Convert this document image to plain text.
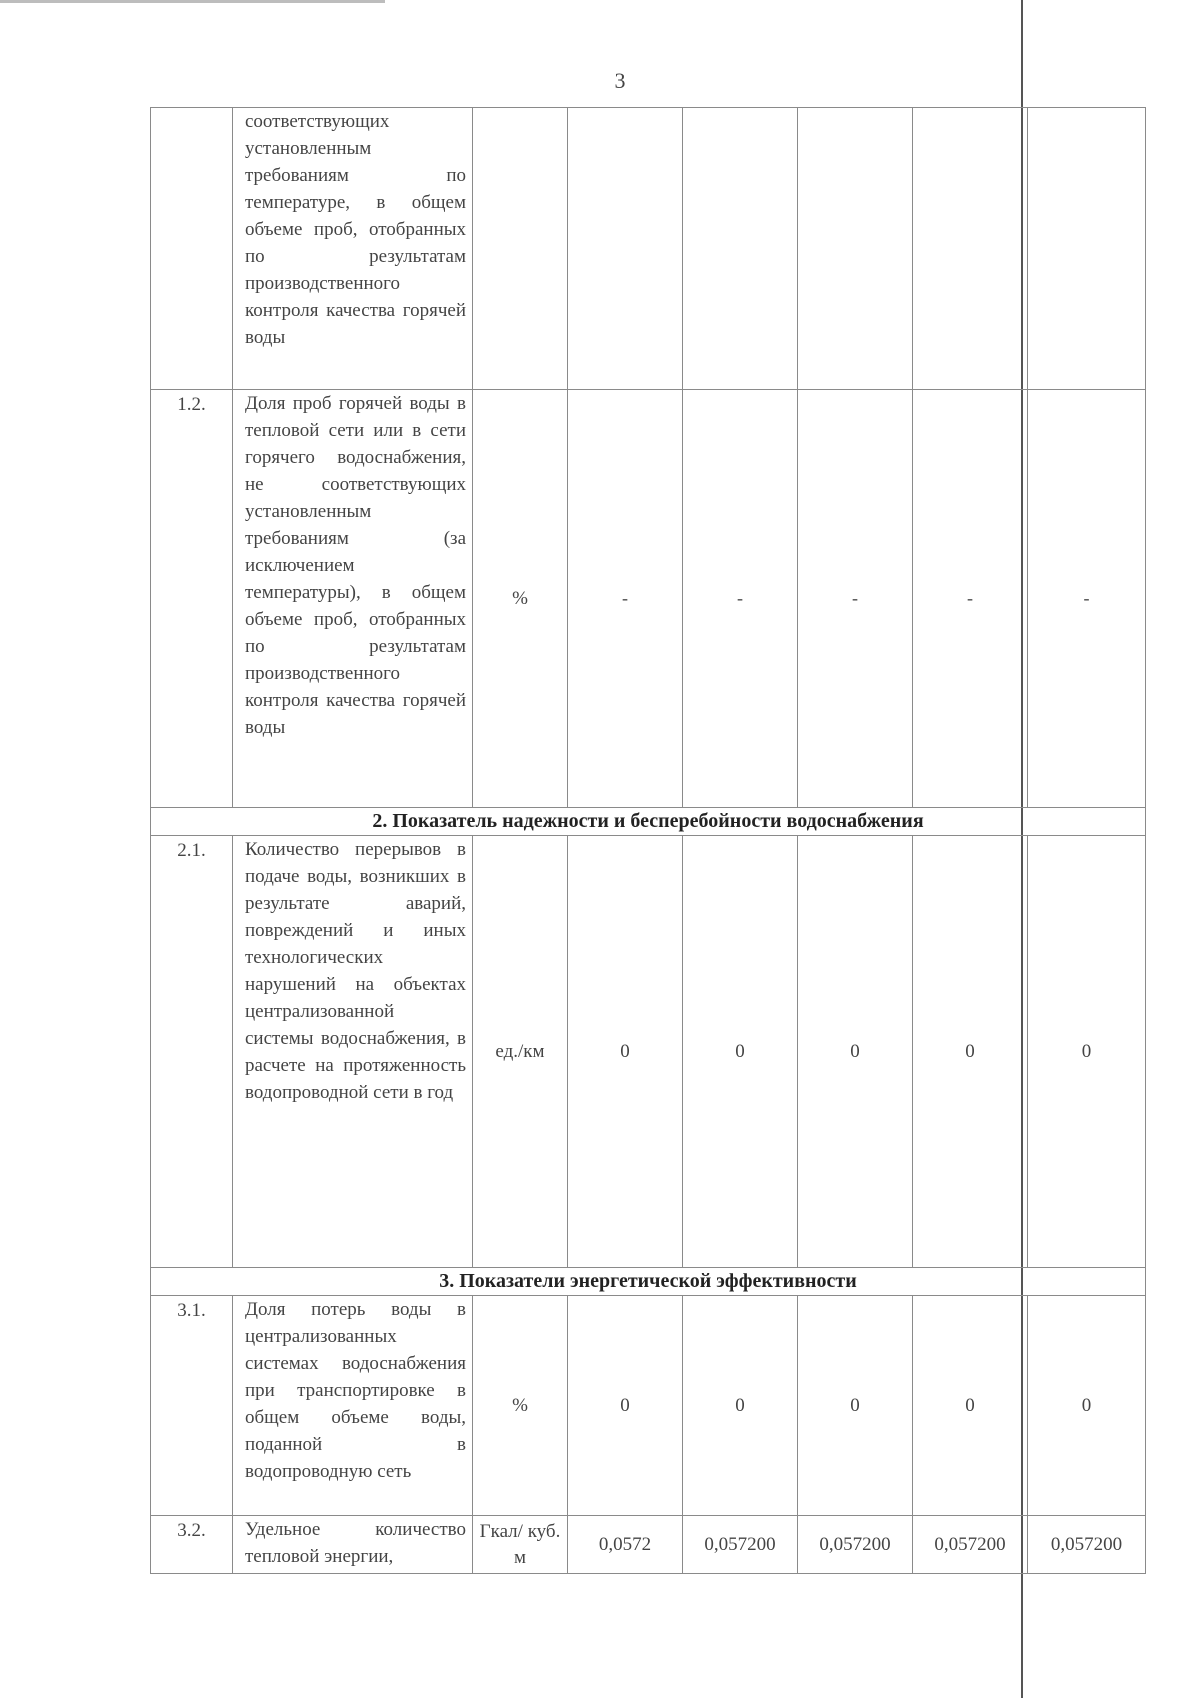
3
	соответствующих установленным требованиям по температуре, в общем объеме проб, отобранных по результатам производственного контроля качества горячей воды						
1.2.	Доля проб горячей воды в тепловой сети или в сети горячего водоснабжения, не соответствующих установленным требованиям (за исключением температуры), в общем объеме проб, отобранных по результатам производственного контроля качества горячей воды	%	-	-	-	-	-
2. Показатель надежности и бесперебойности водоснабжения							
2.1.	Количество перерывов в подаче воды, возникших в результате аварий, повреждений и иных технологических нарушений на объектах централизованной системы водоснабжения, в расчете на протяженность водопроводной сети в год	ед./км	0	0	0	0	0
3. Показатели энергетической эффективности							
3.1.	Доля потерь воды в централизованных системах водоснабжения при транспортировке в общем объеме воды, поданной в водопроводную сеть	%	0	0	0	0	0
3.2.	Удельное количество тепловой энергии,	Гкал/ куб. м	0,0572	0,057200	0,057200	0,057200	0,057200
